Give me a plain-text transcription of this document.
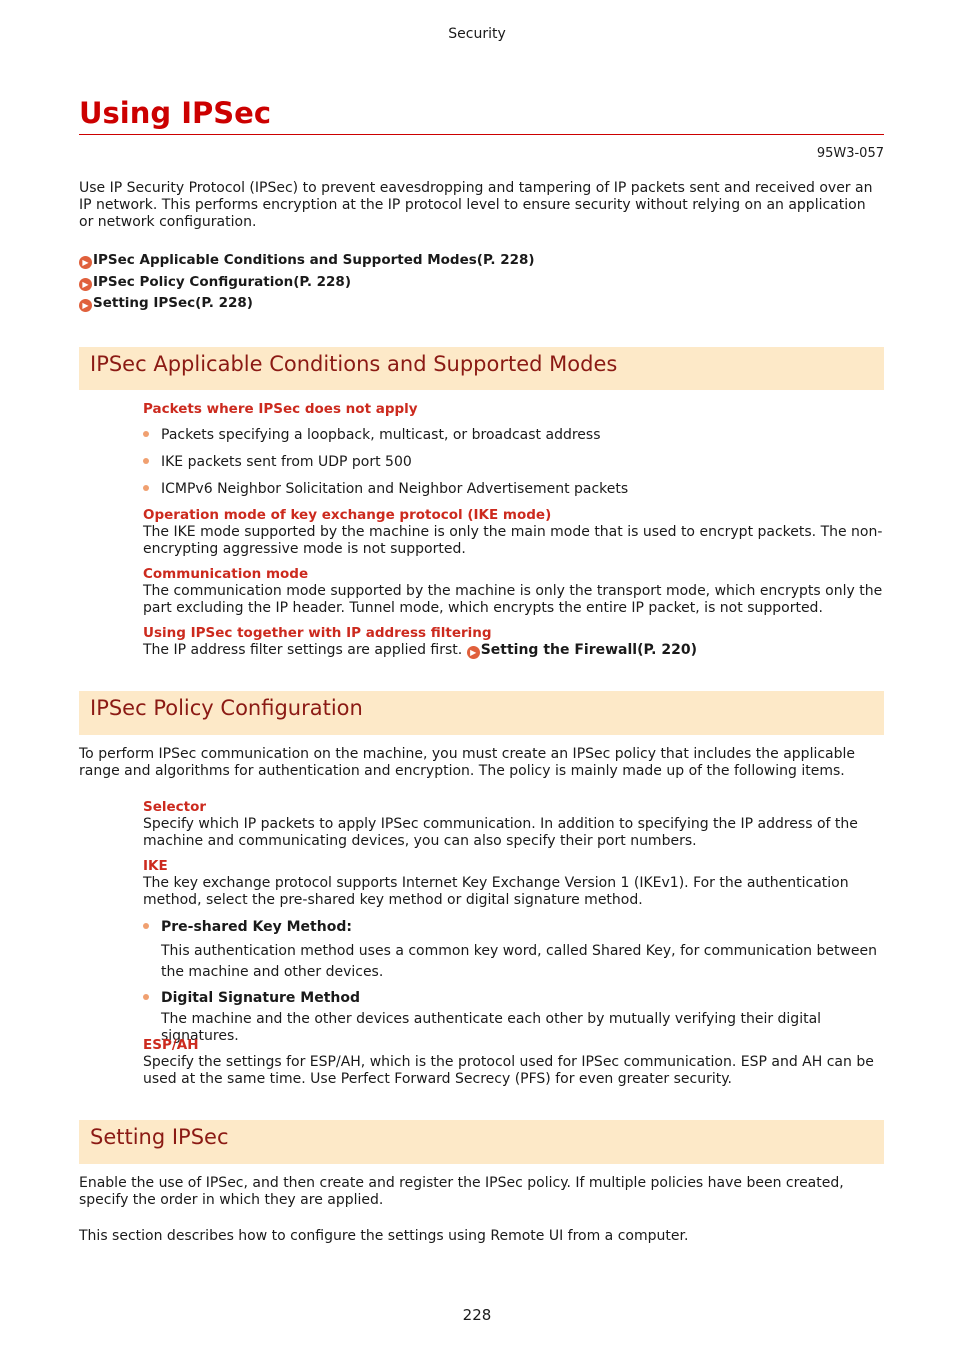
Security
Using IPSec
95W3-057
Use IP Security Protocol (IPSec) to prevent eavesdropping and tampering of IP packets sent and received over an IP network. This performs encryption at the IP protocol level to ensure security without relying on an application or network configuration.
▶ IPSec Applicable Conditions and Supported Modes(P. 228)
▶ IPSec Policy Configuration(P. 228)
▶ Setting IPSec(P. 228)
IPSec Applicable Conditions and Supported Modes
Packets where IPSec does not apply
Packets specifying a loopback, multicast, or broadcast address
IKE packets sent from UDP port 500
ICMPv6 Neighbor Solicitation and Neighbor Advertisement packets
Operation mode of key exchange protocol (IKE mode)
The IKE mode supported by the machine is only the main mode that is used to encrypt packets. The non-encrypting aggressive mode is not supported.
Communication mode
The communication mode supported by the machine is only the transport mode, which encrypts only the part excluding the IP header. Tunnel mode, which encrypts the entire IP packet, is not supported.
Using IPSec together with IP address filtering
The IP address filter settings are applied first. ▶ Setting the Firewall(P. 220)
IPSec Policy Configuration
To perform IPSec communication on the machine, you must create an IPSec policy that includes the applicable range and algorithms for authentication and encryption. The policy is mainly made up of the following items.
Selector
Specify which IP packets to apply IPSec communication. In addition to specifying the IP address of the machine and communicating devices, you can also specify their port numbers.
IKE
The key exchange protocol supports Internet Key Exchange Version 1 (IKEv1). For the authentication method, select the pre-shared key method or digital signature method.
Pre-shared Key Method:
This authentication method uses a common key word, called Shared Key, for communication between the machine and other devices.
Digital Signature Method
The machine and the other devices authenticate each other by mutually verifying their digital signatures.
ESP/AH
Specify the settings for ESP/AH, which is the protocol used for IPSec communication. ESP and AH can be used at the same time. Use Perfect Forward Secrecy (PFS) for even greater security.
Setting IPSec
Enable the use of IPSec, and then create and register the IPSec policy. If multiple policies have been created, specify the order in which they are applied.
This section describes how to configure the settings using Remote UI from a computer.
228
